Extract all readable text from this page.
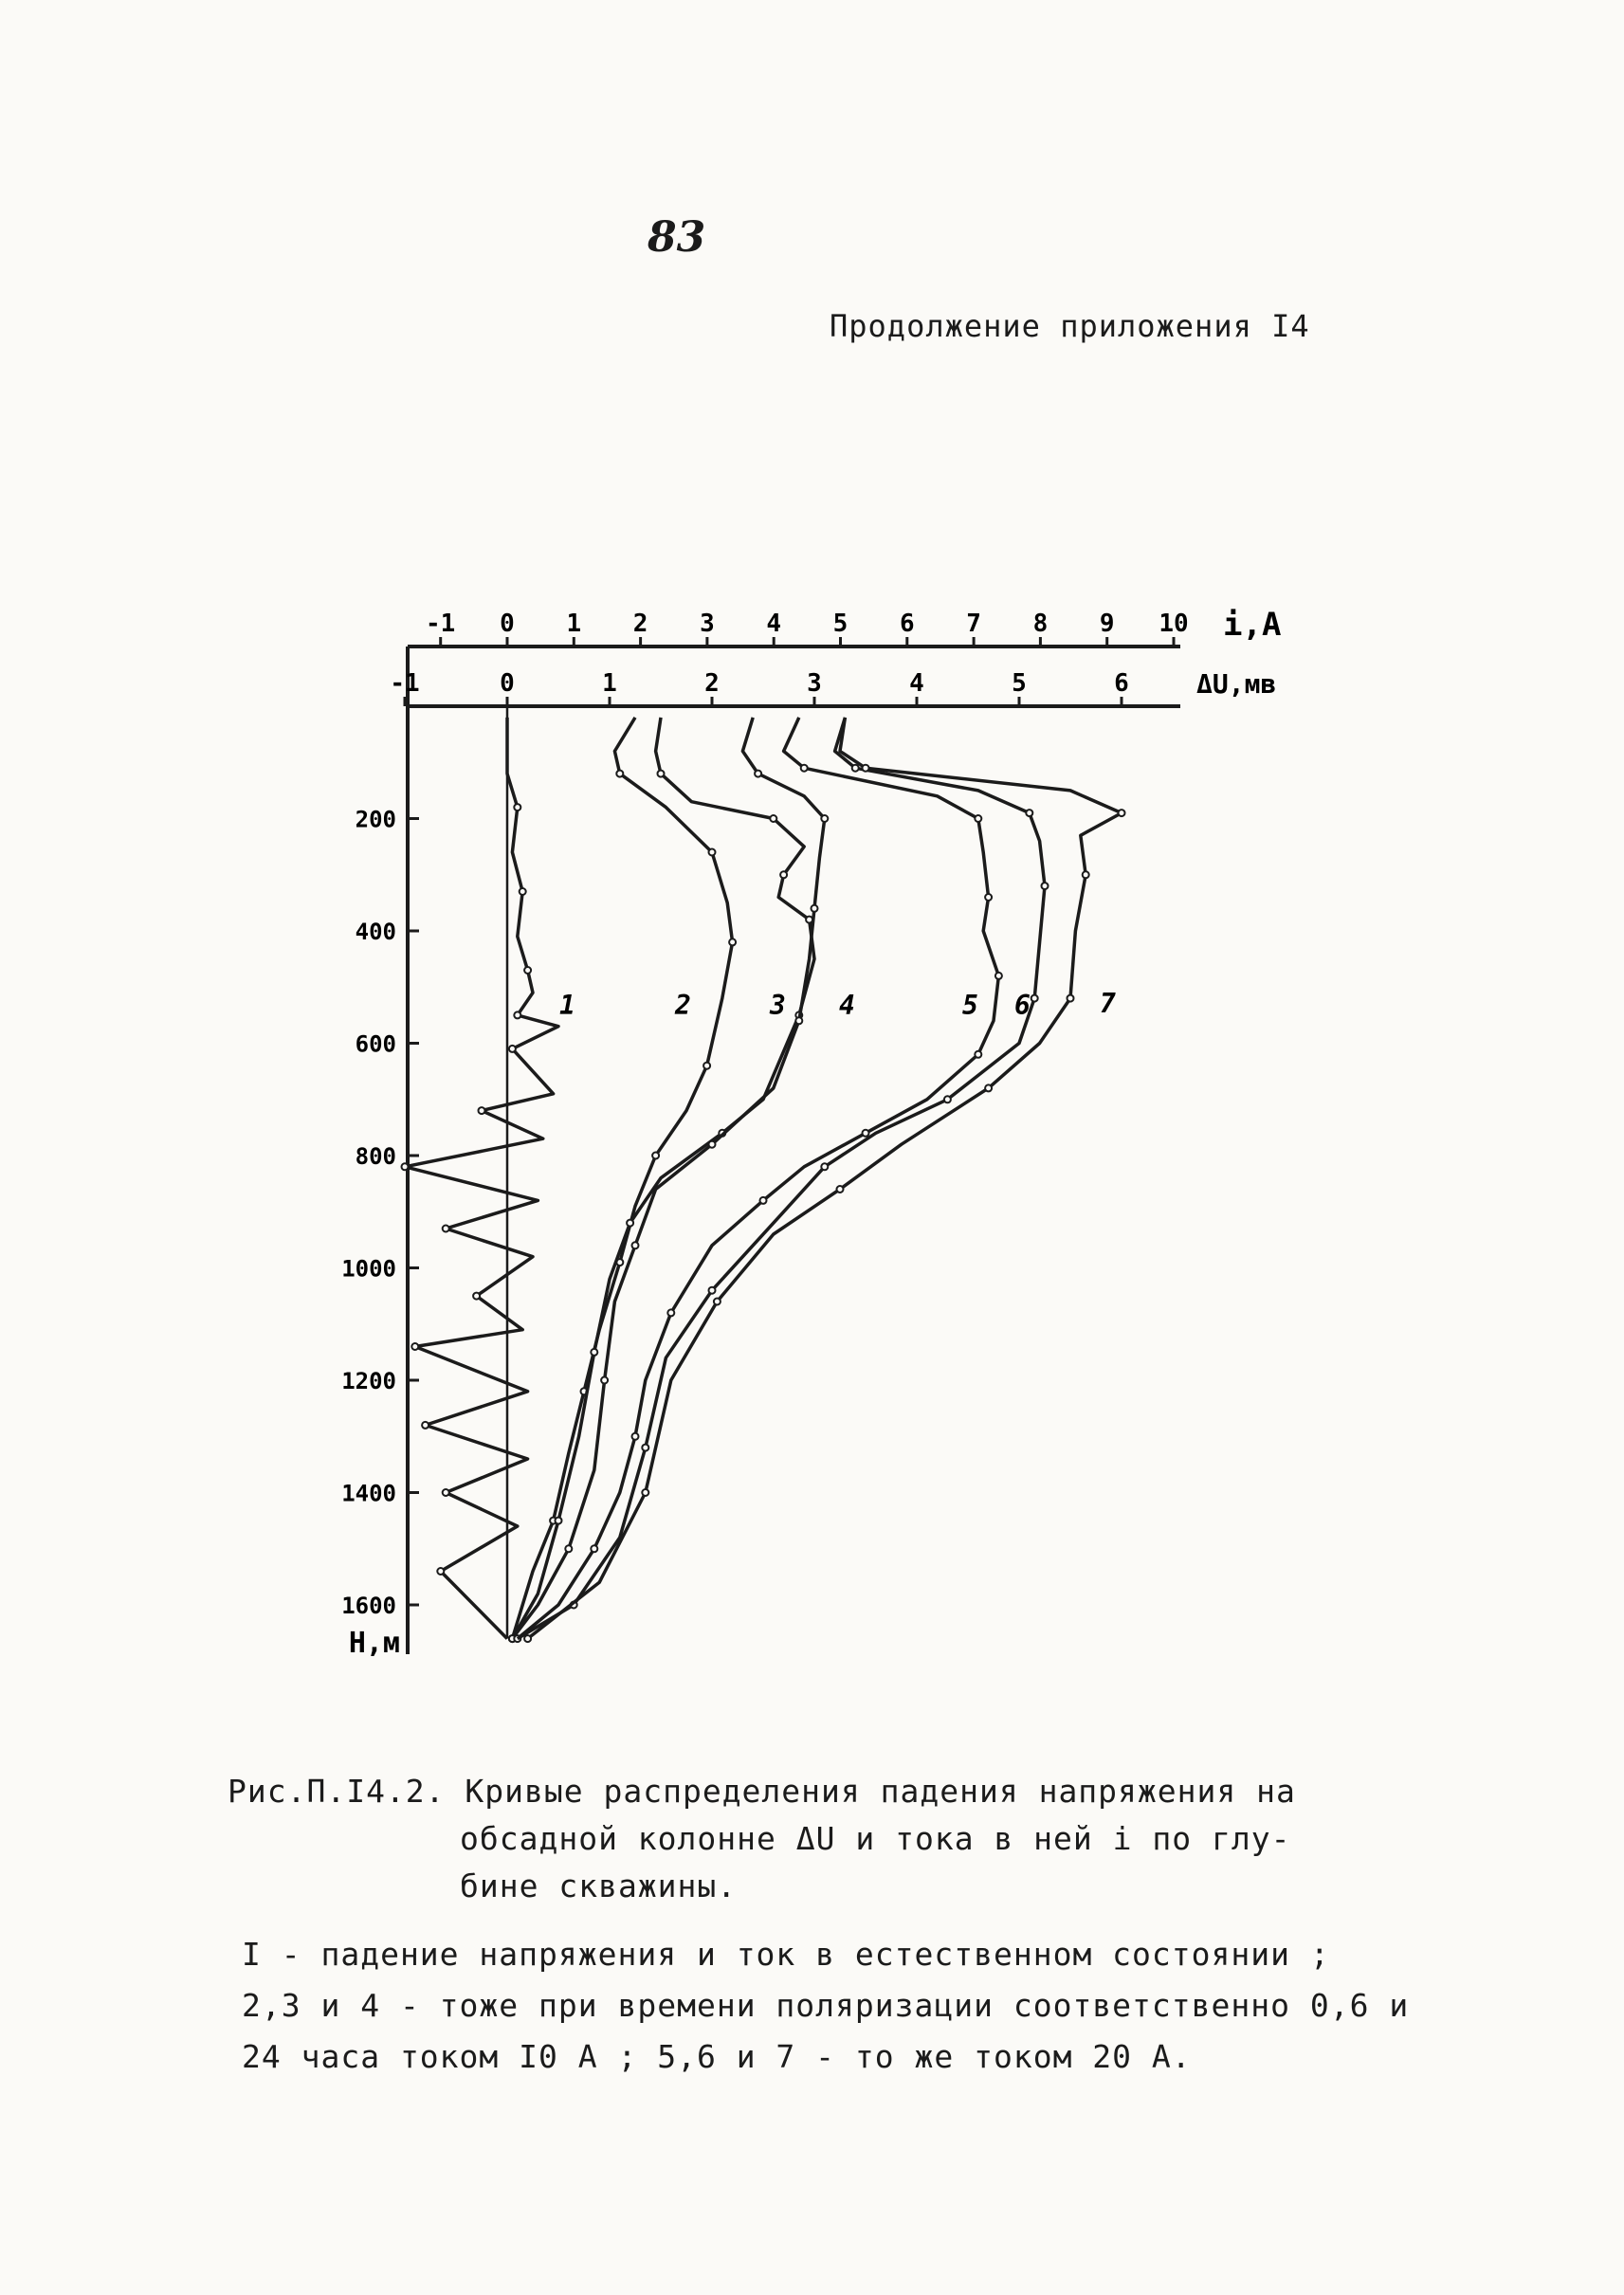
83
Продолжение приложения I4
-1 0 1 2 3 4 5 6 7 8 9 10 i,A
-1	0	1	2	3	4	5	6	ΔU,мв
200
400
600
800
1000
1200
1400
1600
H,м
1	2	3 4	5 6	7

Рис.П.I4.2. Кривые распределения падения напряжения на

обсадной колонне ΔU и тока в ней i по глу-

бине скважины.

I - падение напряжения и ток в естественном состоянии ;

2,3 и 4 - тоже при времени поляризации соответственно 0,6 и

24 часа током I0 А ; 5,6 и 7 - то же током 20 А.
